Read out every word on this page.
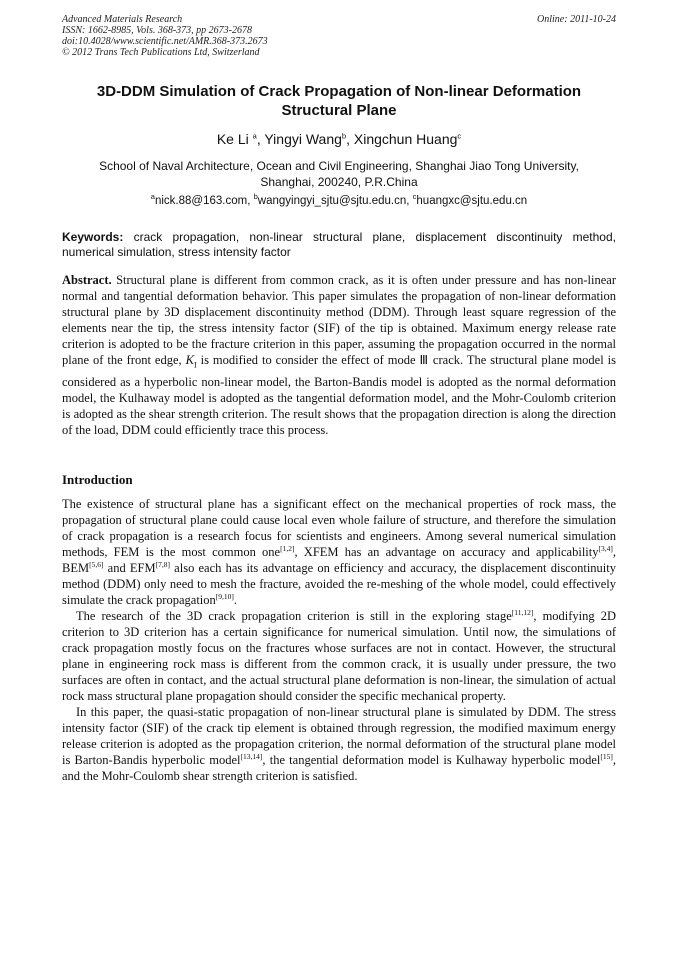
Advanced Materials Research
ISSN: 1662-8985, Vols. 368-373, pp 2673-2678
doi:10.4028/www.scientific.net/AMR.368-373.2673
© 2012 Trans Tech Publications Ltd, Switzerland
Online: 2011-10-24
3D-DDM Simulation of Crack Propagation of Non-linear Deformation
Structural Plane
Ke Li $^a$, Yingyi Wang$^b$, Xingchun Huang$^c$
School of Naval Architecture, Ocean and Civil Engineering, Shanghai Jiao Tong University,
Shanghai, 200240, P.R.China
$^a$nick.88@163.com, $^b$wangyingyi_sjtu@sjtu.edu.cn, $^c$huangxc@sjtu.edu.cn
Keywords: crack propagation, non-linear structural plane, displacement discontinuity method, numerical simulation, stress intensity factor
Abstract. Structural plane is different from common crack, as it is often under pressure and has non-linear normal and tangential deformation behavior. This paper simulates the propagation of non-linear deformation structural plane by 3D displacement discontinuity method (DDM). Through least square regression of the elements near the tip, the stress intensity factor (SIF) of the tip is obtained. Maximum energy release rate criterion is adopted to be the fracture criterion in this paper, assuming the propagation occurred in the normal plane of the front edge, $K_I$ is modified to consider the effect of mode Ⅲ crack. The structural plane model is considered as a hyperbolic non-linear model, the Barton-Bandis model is adopted as the normal deformation model, the Kulhaway model is adopted as the tangential deformation model, and the Mohr-Coulomb criterion is adopted as the shear strength criterion. The result shows that the propagation direction is along the direction of the load, DDM could efficiently trace this process.
Introduction

The existence of structural plane has a significant effect on the mechanical properties of rock mass, the propagation of structural plane could cause local even whole failure of structure, and therefore the simulation of crack propagation is a research focus for scientists and engineers. Among several numerical simulation methods, FEM is the most common one[1,2], XFEM has an advantage on accuracy and applicability[3,4], BEM[5,6] and EFM[7,8] also each has its advantage on efficiency and accuracy, the displacement discontinuity method (DDM) only need to mesh the fracture, avoided the re-meshing of the whole model, could effectively simulate the crack propagation[9,10].

The research of the 3D crack propagation criterion is still in the exploring stage[11,12], modifying 2D criterion to 3D criterion has a certain significance for numerical simulation. Until now, the simulations of crack propagation mostly focus on the fractures whose surfaces are not in contact. However, the structural plane in engineering rock mass is different from the common crack, it is usually under pressure, the two surfaces are often in contact, and the actual structural plane deformation is non-linear, the simulation of actual rock mass structural plane propagation should consider the specific mechanical property.

In this paper, the quasi-static propagation of non-linear structural plane is simulated by DDM. The stress intensity factor (SIF) of the crack tip element is obtained through regression, the modified maximum energy release criterion is adopted as the propagation criterion, the normal deformation of the structural plane model is Barton-Bandis hyperbolic model[13,14], the tangential deformation model is Kulhaway hyperbolic model[15], and the Mohr-Coulomb shear strength criterion is satisfied.
